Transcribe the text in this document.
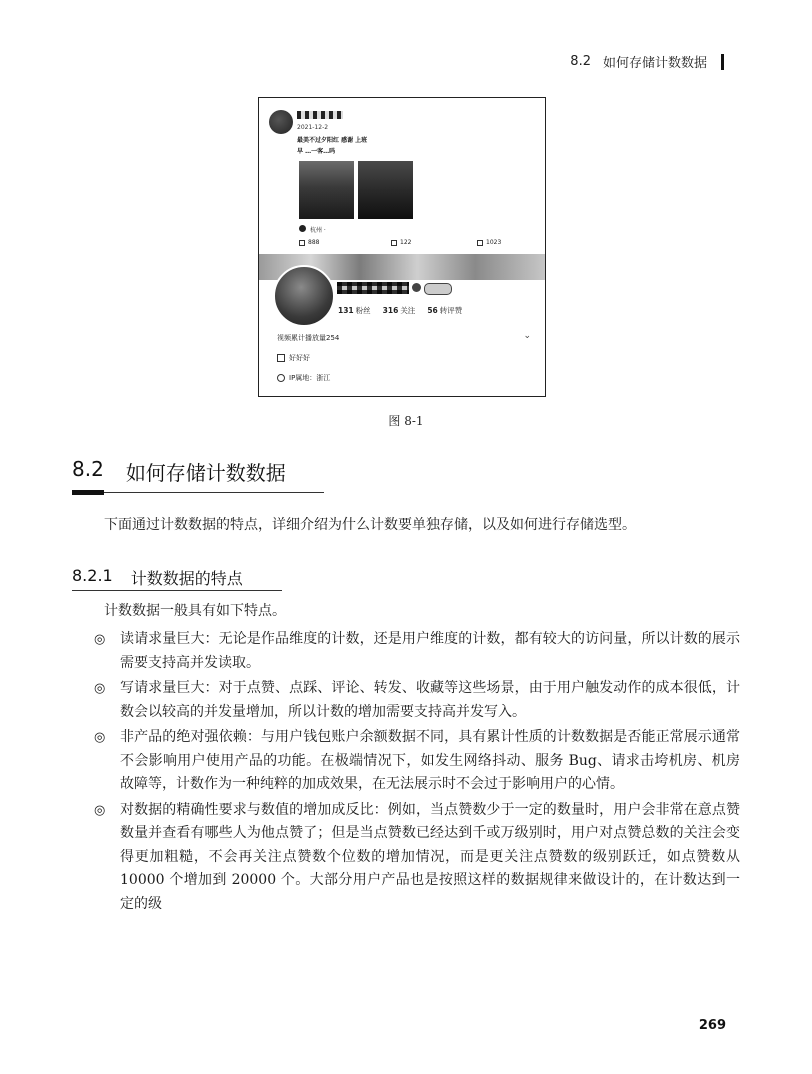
8.2 如何存储计数数据
2021-12-2
最美不过夕阳红 感谢 上班
早 …一客…吗
杭州 ·
888	122	1023
131 粉丝 316 关注 56 转评赞
视频累计播放量254	⌄
好好好
IP属地：浙江
图 8-1
8.2 如何存储计数数据
下面通过计数数据的特点，详细介绍为什么计数要单独存储，以及如何进行存储选型。
8.2.1 计数数据的特点
计数数据一般具有如下特点。
◎ 读请求量巨大：无论是作品维度的计数，还是用户维度的计数，都有较大的访问量，所以计数的展示需要支持高并发读取。
◎ 写请求量巨大：对于点赞、点踩、评论、转发、收藏等这些场景，由于用户触发动作的成本很低，计数会以较高的并发量增加，所以计数的增加需要支持高并发写入。
◎ 非产品的绝对强依赖：与用户钱包账户余额数据不同，具有累计性质的计数数据是否能正常展示通常不会影响用户使用产品的功能。在极端情况下，如发生网络抖动、服务 Bug、请求击垮机房、机房故障等，计数作为一种纯粹的加成效果，在无法展示时不会过于影响用户的心情。
◎ 对数据的精确性要求与数值的增加成反比：例如，当点赞数少于一定的数量时，用户会非常在意点赞数量并查看有哪些人为他点赞了；但是当点赞数已经达到千或万级别时，用户对点赞总数的关注会变得更加粗糙，不会再关注点赞数个位数的增加情况，而是更关注点赞数的级别跃迁，如点赞数从 10000 个增加到 20000 个。大部分用户产品也是按照这样的数据规律来做设计的，在计数达到一定的级
269
